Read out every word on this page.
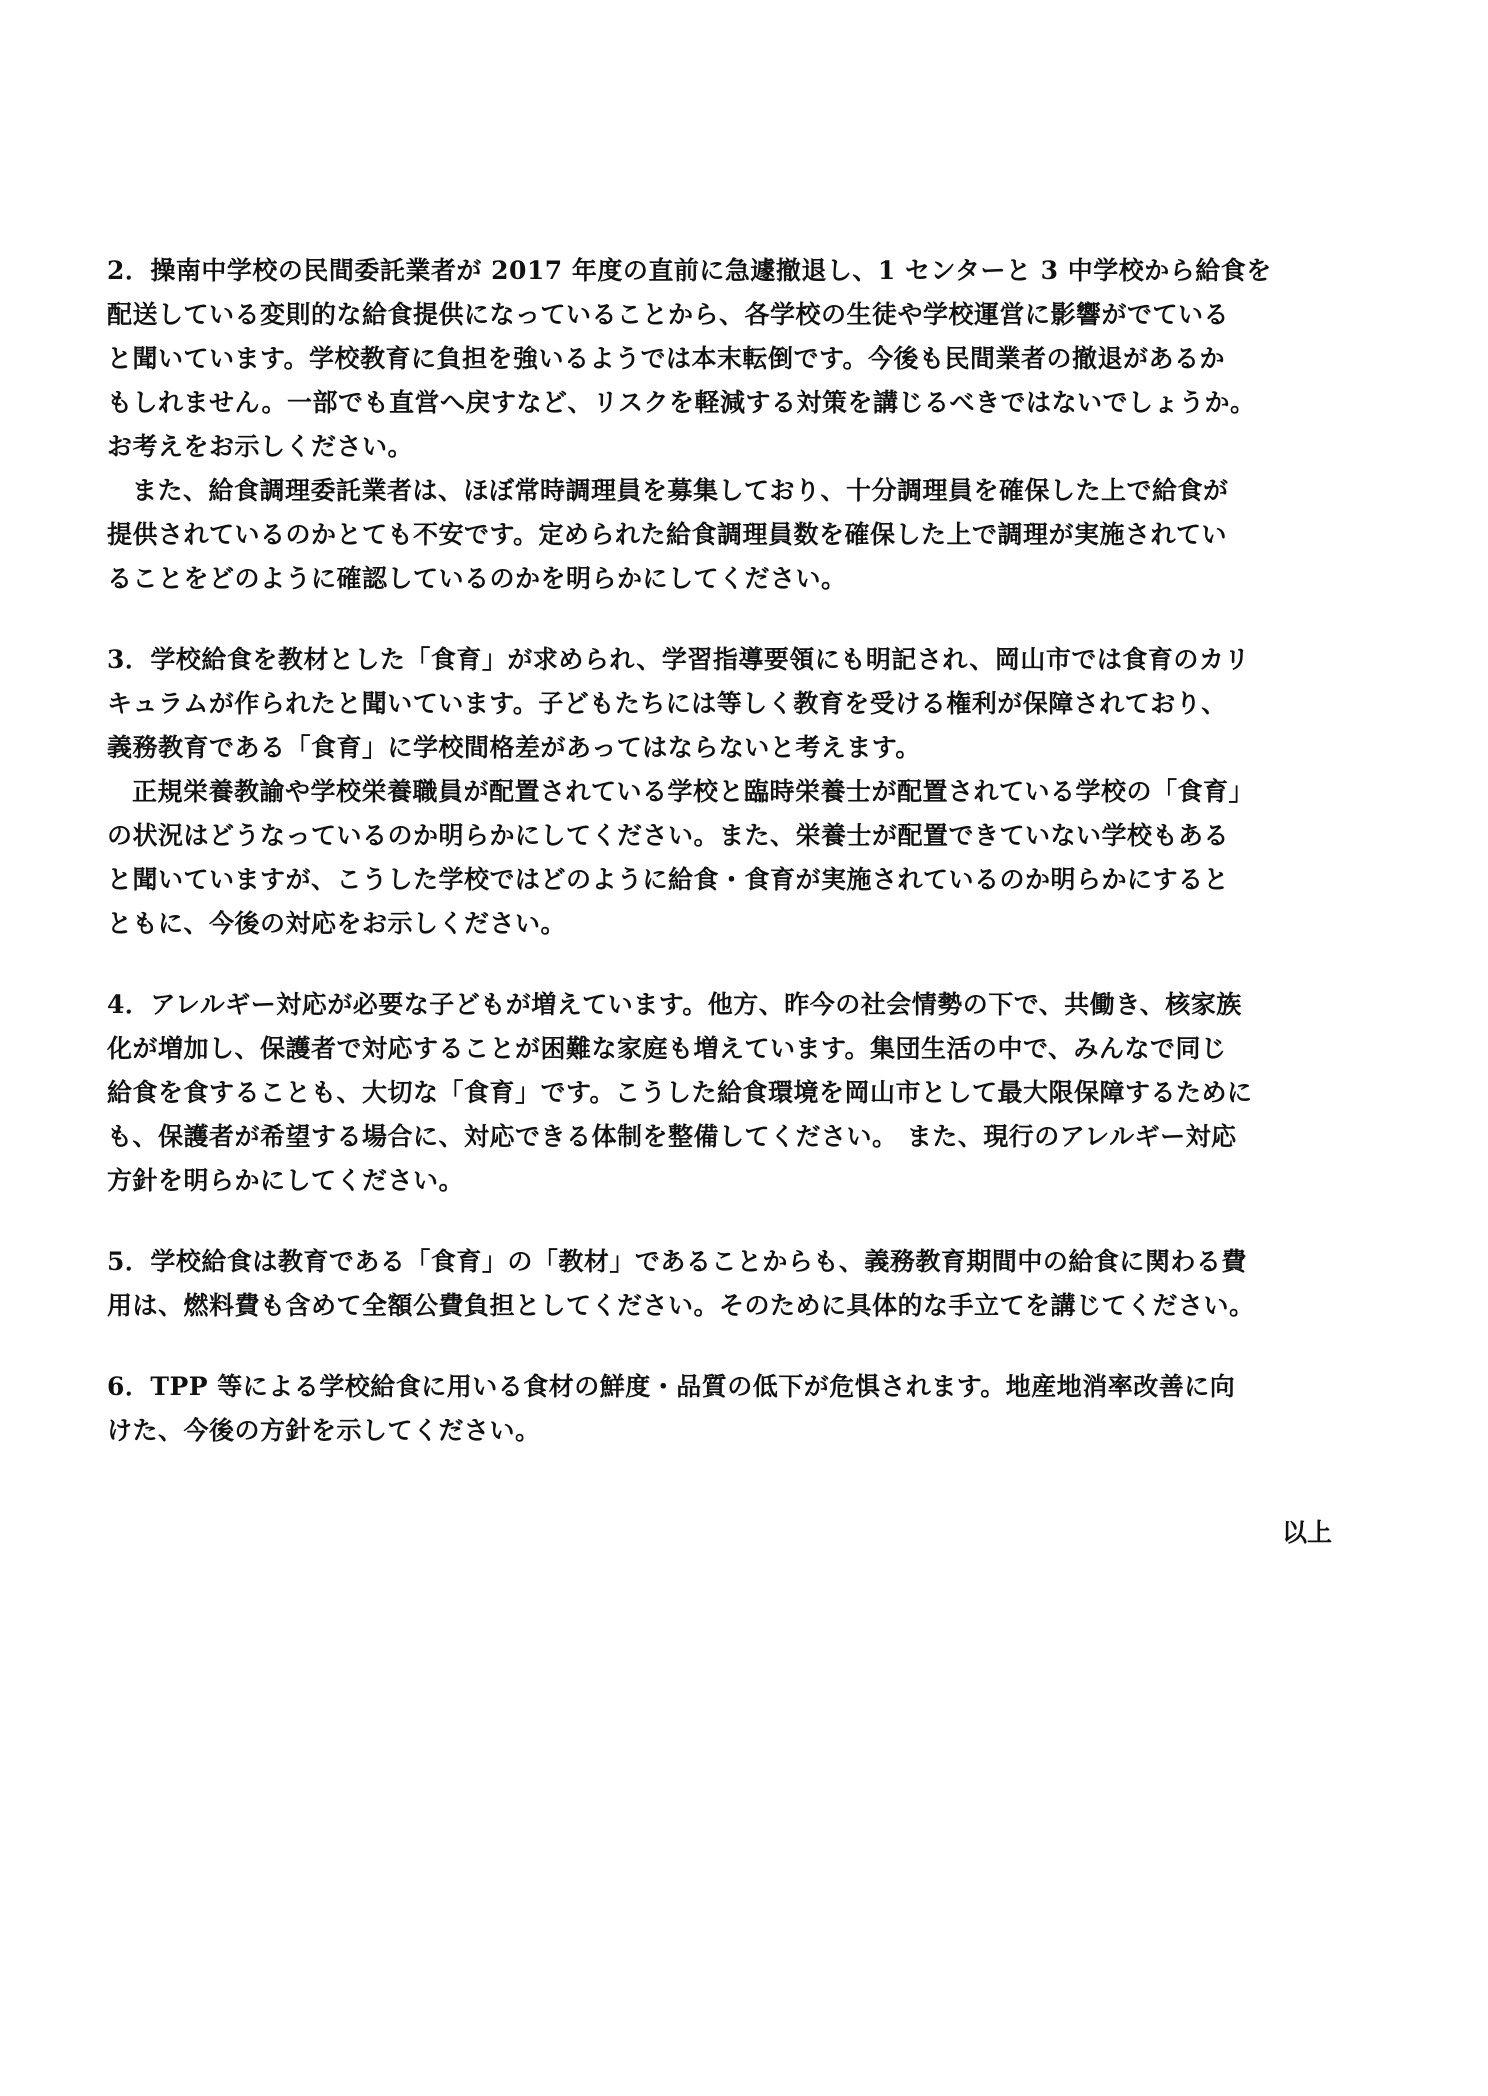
2．操南中学校の民間委託業者が 2017 年度の直前に急遽撤退し、1 センターと 3 中学校から給食を
配送している変則的な給食提供になっていることから、各学校の生徒や学校運営に影響がでている
と聞いています。学校教育に負担を強いるようでは本末転倒です。今後も民間業者の撤退があるか
もしれません。一部でも直営へ戻すなど、リスクを軽減する対策を講じるべきではないでしょうか。
お考えをお示しください。
また、給食調理委託業者は、ほぼ常時調理員を募集しており、十分調理員を確保した上で給食が
提供されているのかとても不安です。定められた給食調理員数を確保した上で調理が実施されてい
ることをどのように確認しているのかを明らかにしてください。
3．学校給食を教材とした「食育」が求められ、学習指導要領にも明記され、岡山市では食育のカリ
キュラムが作られたと聞いています。子どもたちには等しく教育を受ける権利が保障されており、
義務教育である「食育」に学校間格差があってはならないと考えます。
正規栄養教諭や学校栄養職員が配置されている学校と臨時栄養士が配置されている学校の「食育」
の状況はどうなっているのか明らかにしてください。また、栄養士が配置できていない学校もある
と聞いていますが、こうした学校ではどのように給食・食育が実施されているのか明らかにすると
ともに、今後の対応をお示しください。
4．アレルギー対応が必要な子どもが増えています。他方、昨今の社会情勢の下で、共働き、核家族
化が増加し、保護者で対応することが困難な家庭も増えています。集団生活の中で、みんなで同じ
給食を食することも、大切な「食育」です。こうした給食環境を岡山市として最大限保障するために
も、保護者が希望する場合に、対応できる体制を整備してください。 また、現行のアレルギー対応
方針を明らかにしてください。
5．学校給食は教育である「食育」の「教材」であることからも、義務教育期間中の給食に関わる費
用は、燃料費も含めて全額公費負担としてください。そのために具体的な手立てを講じてください。
6．TPP 等による学校給食に用いる食材の鮮度・品質の低下が危惧されます。地産地消率改善に向
けた、今後の方針を示してください。
以上
